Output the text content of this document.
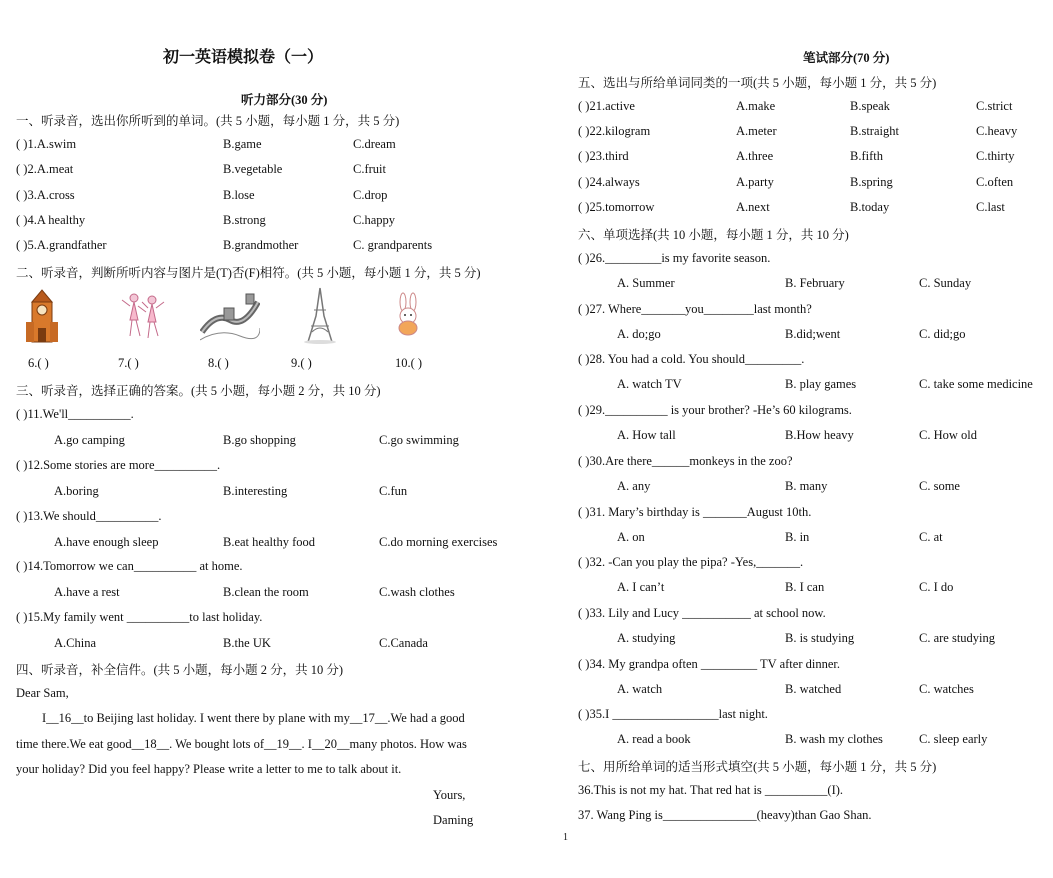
初一英语模拟卷（一）
听力部分(30 分)
一、听录音，选出你所听到的单词。(共 5 小题，每小题 1 分，共 5 分)
( )1.A.swim	B.game	C.dream
( )2.A.meat	B.vegetable	C.fruit
( )3.A.cross	B.lose	C.drop
( )4.A healthy	B.strong	C.happy
( )5.A.grandfather	B.grandmother	C. grandparents
二、听录音，判断所听内容与图片是(T)否(F)相符。(共 5 小题，每小题 1 分，共 5 分)
6.( )	7.( )	8.( )	9.( )	10.( )
三、听录音，选择正确的答案。(共 5 小题，每小题 2 分，共 10 分)
( )11.We'll__________.
A.go camping	B.go shopping	C.go swimming
( )12.Some stories are more__________.
A.boring	B.interesting	C.fun
( )13.We should__________.
A.have enough sleep	B.eat healthy food	C.do morning exercises
( )14.Tomorrow we can__________ at home.
A.have a rest	B.clean the room	C.wash clothes
( )15.My family went __________to last holiday.
A.China	B.the UK	C.Canada
四、听录音，补全信件。(共 5 小题，每小题 2 分，共 10 分)
Dear Sam,
I__16__to Beijing last holiday. I went there by plane with my__17__.We had a good
time there.We eat good__18__. We bought lots of__19__. I__20__many photos. How was
your holiday? Did you feel happy? Please write a letter to me to talk about it.
Yours,
Daming
笔试部分(70 分)
五、选出与所给单词同类的一项(共 5 小题，每小题 1 分，共 5 分)
( )21.active	A.make	B.speak	C.strict
( )22.kilogram	A.meter	B.straight	C.heavy
( )23.third	A.three	B.fifth	C.thirty
( )24.always	A.party	B.spring	C.often
( )25.tomorrow	A.next	B.today	C.last
六、单项选择(共 10 小题，每小题 1 分，共 10 分)
( )26._________is my favorite season.
A. Summer	B. February	C. Sunday
( )27. Where_______you________last month?
A. do;go	B.did;went	C. did;go
( )28. You had a cold. You should_________.
A. watch TV	B. play games	C. take some medicine
( )29.__________ is your brother? -He’s 60 kilograms.
A. How tall	B.How heavy	C. How old
( )30.Are there______monkeys in the zoo?
A. any	B. many	C. some
( )31. Mary’s birthday is _______August 10th.
A. on	B. in	C. at
( )32. -Can you play the pipa? -Yes,_______.
A. I can’t	B. I can	C. I do
( )33. Lily and Lucy ___________ at school now.
A. studying	B. is studying	C. are studying
( )34. My grandpa often _________ TV after dinner.
A. watch	B. watched	C. watches
( )35.I _________________last night.
A. read a book	B. wash my clothes	C. sleep early
七、用所给单词的适当形式填空(共 5 小题，每小题 1 分，共 5 分)
36.This is not my hat. That red hat is __________(I).
37. Wang Ping is_______________(heavy)than Gao Shan.
1
